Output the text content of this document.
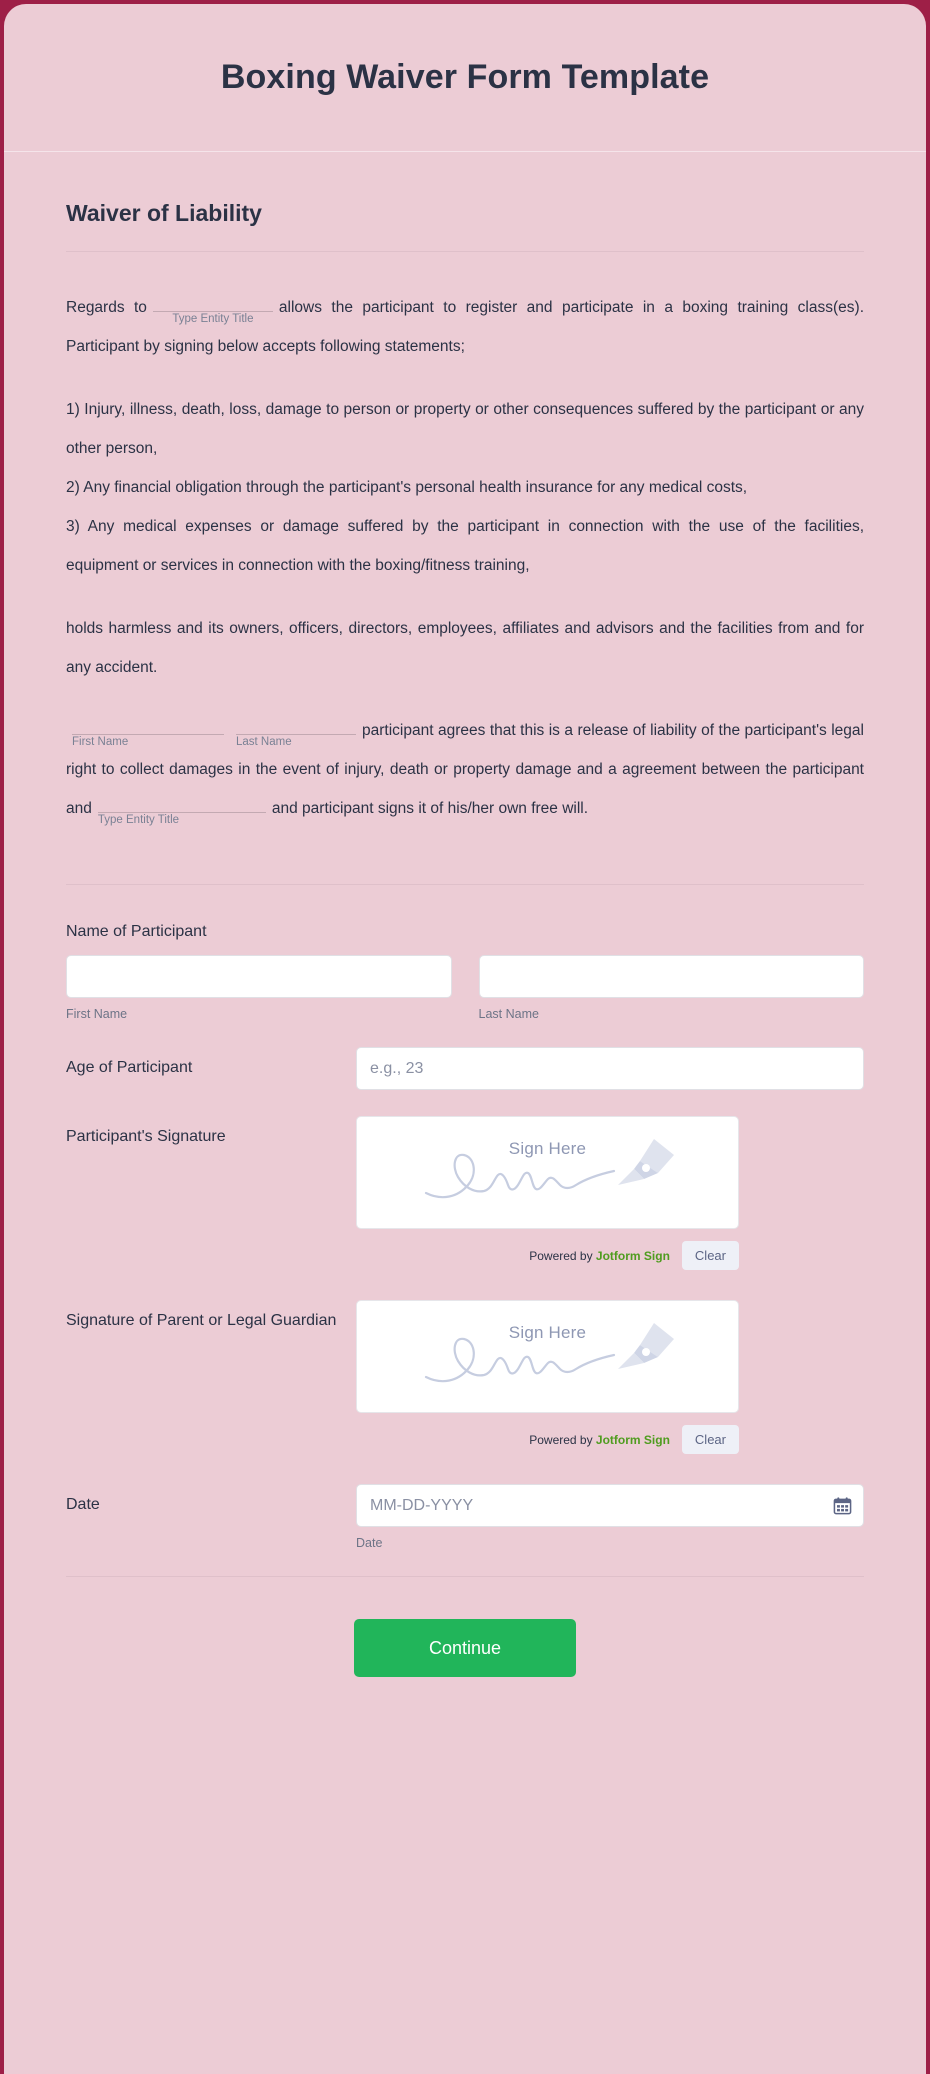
Boxing Waiver Form Template
Waiver of Liability

Regards to
Type Entity Title
allows the participant to register and participate in a boxing training class(es). Participant by signing below accepts following statements;

1) Injury, illness, death, loss, damage to person or property or other consequences suffered by the participant or any other person,

2) Any financial obligation through the participant's personal health insurance for any medical costs,

3) Any medical expenses or damage suffered by the participant in connection with the use of the facilities, equipment or services in connection with the boxing/fitness training,

holds harmless and its owners, officers, directors, employees, affiliates and advisors and the facilities from and for any accident.

First Name	Last Name
participant agrees that this is a release of liability of the participant's legal right to collect damages in the event of injury, death or property damage and a agreement between the participant and
Type Entity Title
and participant signs it of his/her own free will.

Name of Participant
First Name	Last Name
Age of Participant
e.g., 23
Participant's Signature
Sign Here
Powered by Jotform Sign	Clear
Signature of Parent or Legal Guardian
Sign Here
Powered by Jotform Sign	Clear
Date
MM-DD-YYYY
Date
Continue
